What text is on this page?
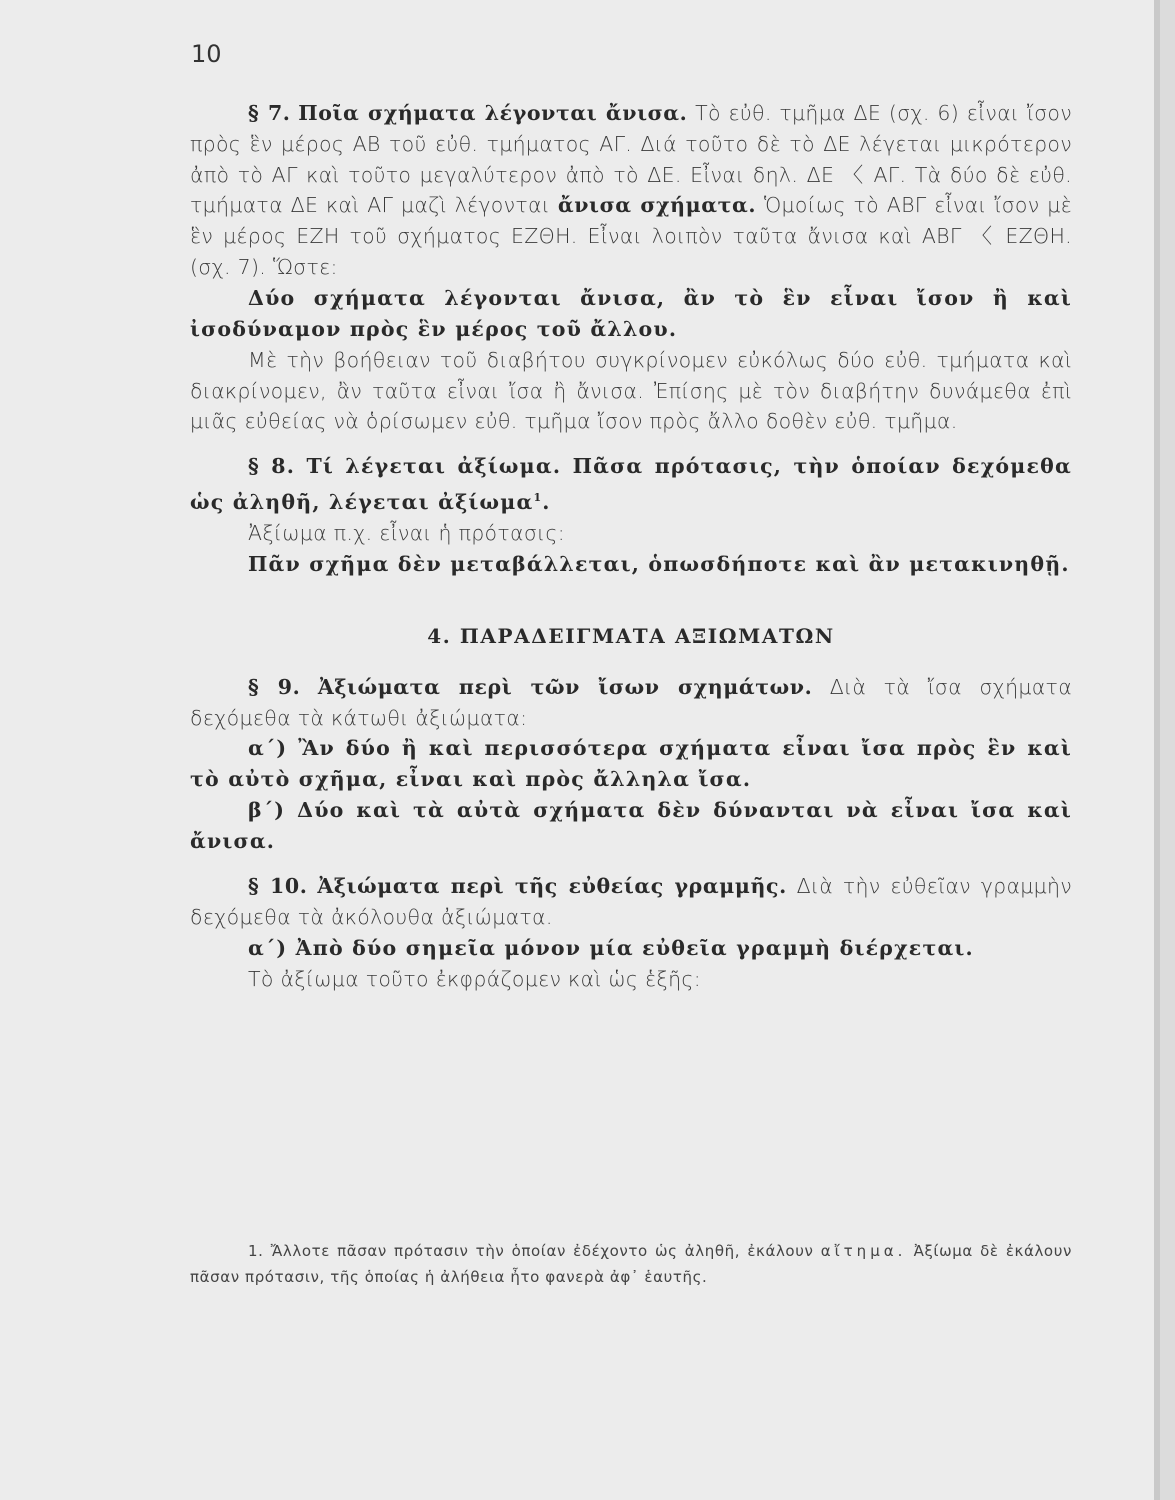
10

§ 7. Ποῖα σχήματα λέγονται ἄνισα. Τὸ εὐθ. τμῆμα ΔΕ (σχ. 6) εἶναι ἴσον πρὸς ἓν μέρος ΑΒ τοῦ εὐθ. τμήματος ΑΓ. Διά τοῦτο δὲ τὸ ΔΕ λέγεται μικρότερον ἀπὸ τὸ ΑΓ καὶ τοῦτο μεγαλύτερον ἀπὸ τὸ ΔΕ. Εἶναι δηλ. ΔΕ 〈 ΑΓ. Τὰ δύο δὲ εὐθ. τμήματα ΔΕ καὶ ΑΓ μαζὶ λέγονται ἄνισα σχήματα. Ὁμοίως τὸ ΑΒΓ εἶναι ἴσον μὲ ἓν μέρος ΕΖΗ τοῦ σχήματος ΕΖΘΗ. Εἶναι λοιπὸν ταῦτα ἄνισα καὶ ΑΒΓ 〈 ΕΖΘΗ. (σχ. 7). Ὥστε:

Δύο σχήματα λέγονται ἄνισα, ἂν τὸ ἓν εἶναι ἴσον ἢ καὶ ἰσοδύναμον πρὸς ἓν μέρος τοῦ ἄλλου.

Μὲ τὴν βοήθειαν τοῦ διαβήτου συγκρίνομεν εὐκόλως δύο εὐθ. τμήματα καὶ διακρίνομεν, ἂν ταῦτα εἶναι ἴσα ἢ ἄνισα. Ἐπίσης μὲ τὸν διαβήτην δυνάμεθα ἐπὶ μιᾶς εὐθείας νὰ ὁρίσωμεν εὐθ. τμῆμα ἴσον πρὸς ἄλλο δοθὲν εὐθ. τμῆμα.

§ 8. Τί λέγεται ἀξίωμα. Πᾶσα πρότασις, τὴν ὁποίαν δεχόμεθα ὡς ἀληθῆ, λέγεται ἀξίωμα$^1$.

Ἀξίωμα π.χ. εἶναι ἡ πρότασις:

Πᾶν σχῆμα δὲν μεταβάλλεται, ὁπωσδήποτε καὶ ἂν μετακινηθῇ.

4. ΠΑΡΑΔΕΙΓΜΑΤΑ ΑΞΙΩΜΑΤΩΝ

§ 9. Ἀξιώματα περὶ τῶν ἴσων σχημάτων. Διὰ τὰ ἴσα σχήματα δεχόμεθα τὰ κάτωθι ἀξιώματα:

α΄) Ἂν δύο ἢ καὶ περισσότερα σχήματα εἶναι ἴσα πρὸς ἓν καὶ τὸ αὐτὸ σχῆμα, εἶναι καὶ πρὸς ἄλληλα ἴσα.

β΄) Δύο καὶ τὰ αὐτὰ σχήματα δὲν δύνανται νὰ εἶναι ἴσα καὶ ἄνισα.

§ 10. Ἀξιώματα περὶ τῆς εὐθείας γραμμῆς. Διὰ τὴν εὐθεῖαν γραμμὴν δεχόμεθα τὰ ἀκόλουθα ἀξιώματα.

α΄) Ἀπὸ δύο σημεῖα μόνον μία εὐθεῖα γραμμὴ διέρχεται.

Τὸ ἀξίωμα τοῦτο ἐκφράζομεν καὶ ὡς ἑξῆς:

1. Ἄλλοτε πᾶσαν πρότασιν τὴν ὁποίαν ἐδέχοντο ὡς ἀληθῆ, ἐκάλουν αἴτημα. Ἀξίωμα δὲ ἐκάλουν πᾶσαν πρότασιν, τῆς ὁποίας ἡ ἀλήθεια ἦτο φανερὰ ἀφ᾽ ἑαυτῆς.
